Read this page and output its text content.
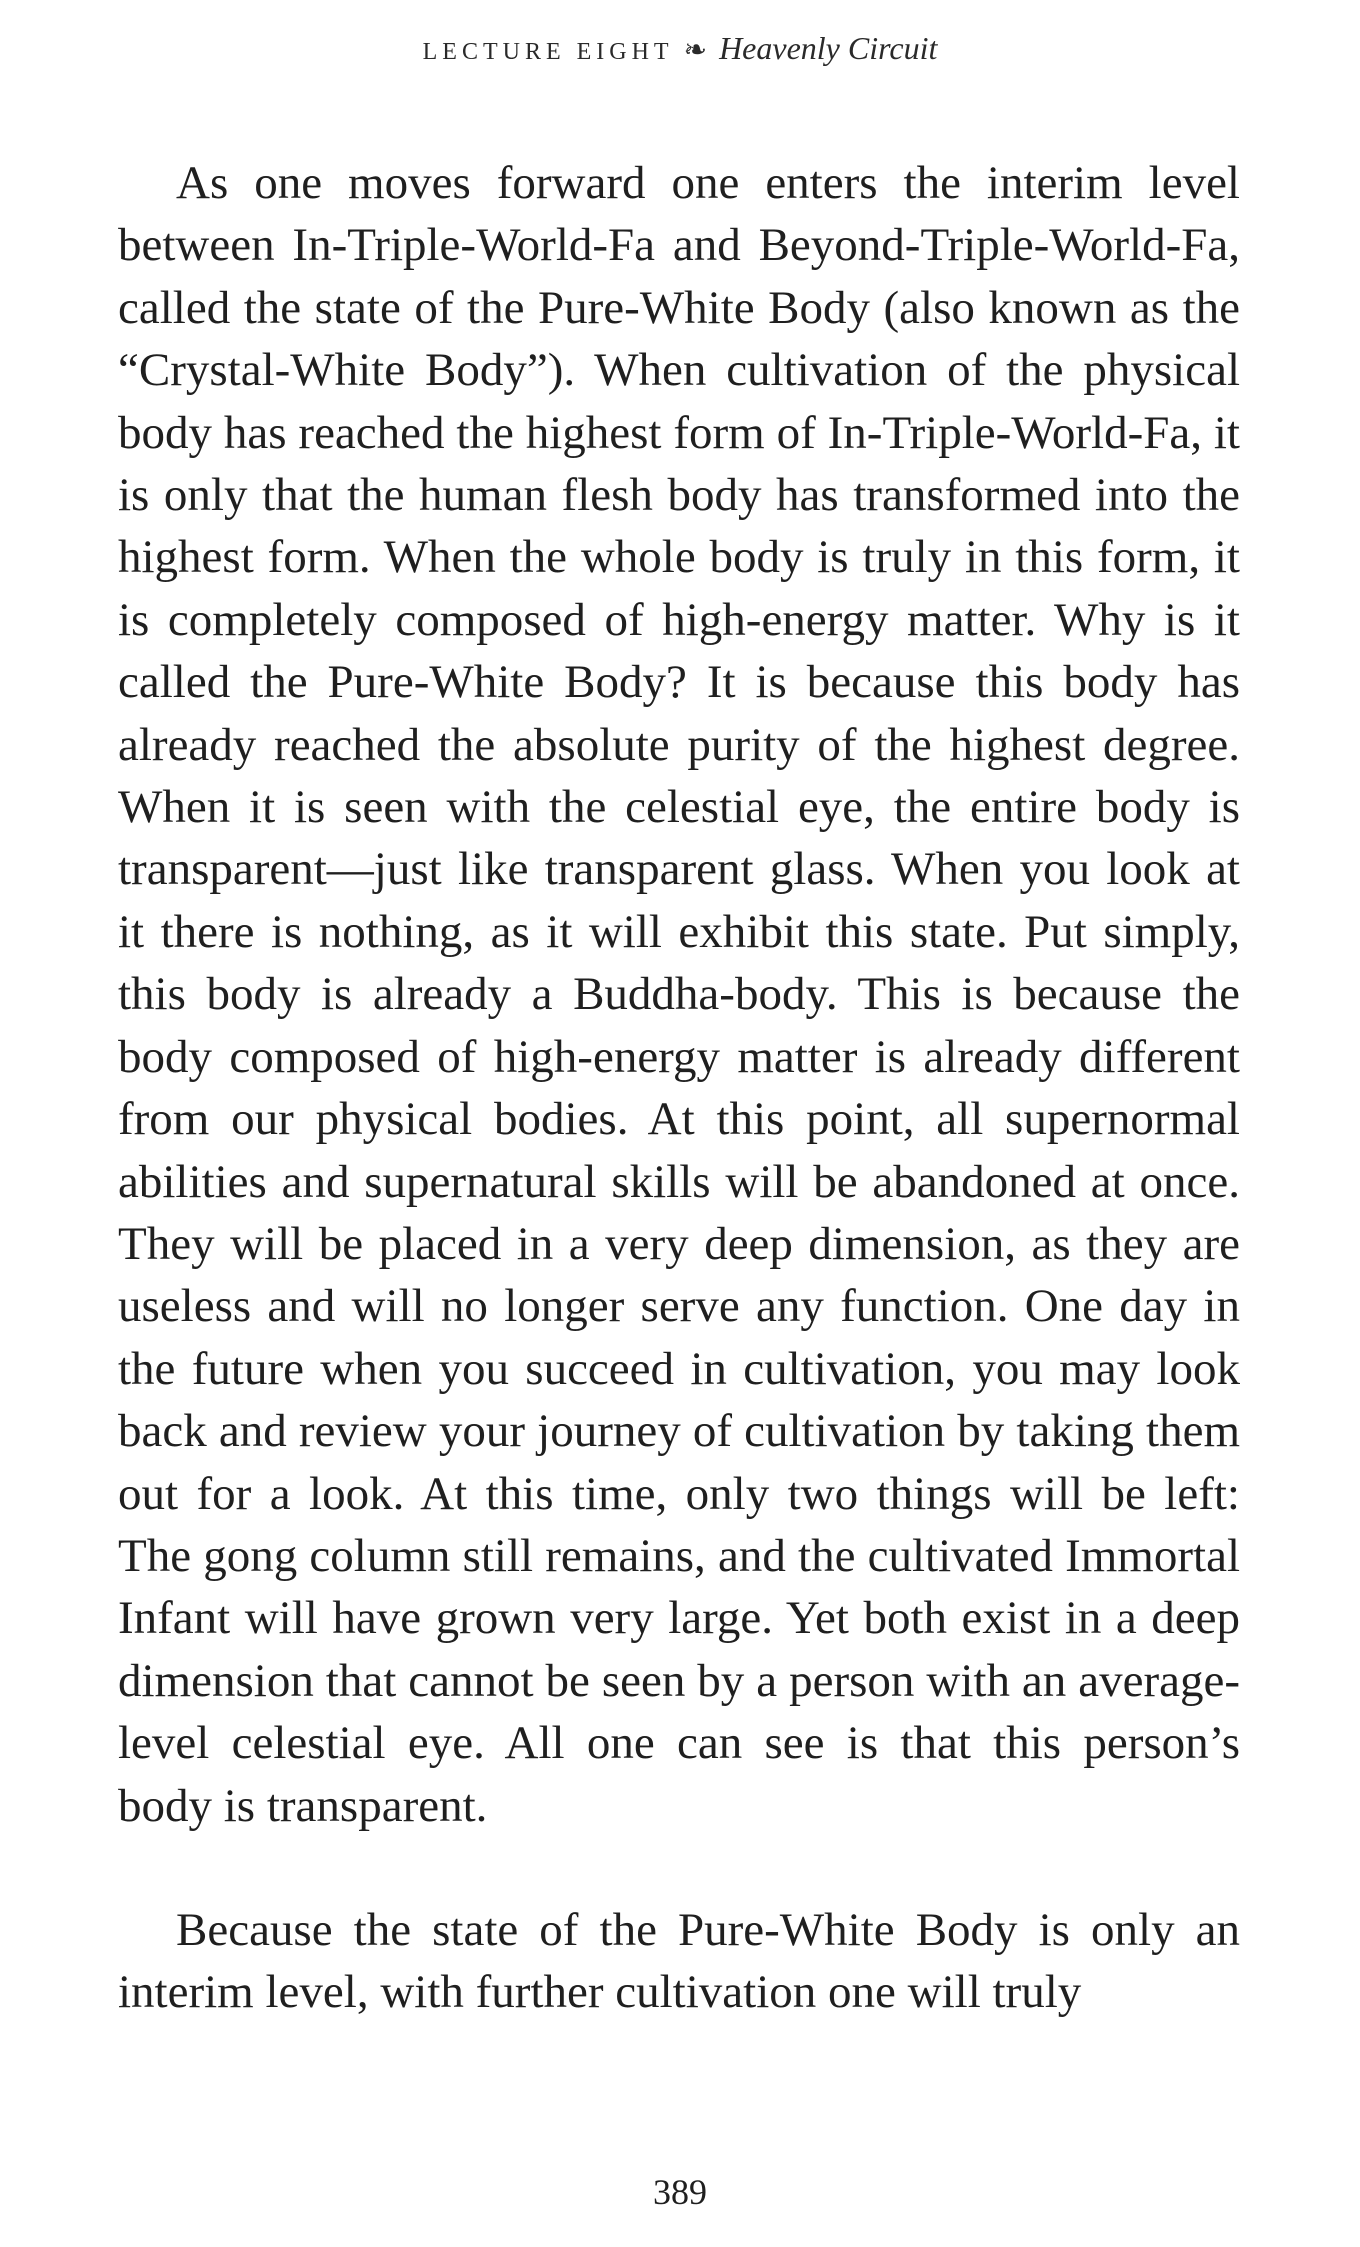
LECTURE EIGHT ❧ Heavenly Circuit

As one moves forward one enters the interim level between In-Triple-World-Fa and Beyond-Triple-World-Fa, called the state of the Pure-White Body (also known as the “Crystal-White Body”). When cultivation of the physical body has reached the highest form of In-Triple-World-Fa, it is only that the human flesh body has transformed into the highest form. When the whole body is truly in this form, it is completely composed of high-energy matter. Why is it called the Pure-White Body? It is because this body has already reached the absolute purity of the highest degree. When it is seen with the celestial eye, the entire body is transparent—just like transparent glass. When you look at it there is nothing, as it will exhibit this state. Put simply, this body is already a Buddha-body. This is because the body composed of high-energy matter is already different from our physical bodies. At this point, all supernormal abilities and supernatural skills will be abandoned at once. They will be placed in a very deep dimension, as they are useless and will no longer serve any function. One day in the future when you succeed in cultivation, you may look back and review your journey of cultivation by taking them out for a look. At this time, only two things will be left: The gong column still remains, and the cultivated Immortal Infant will have grown very large. Yet both exist in a deep dimension that cannot be seen by a person with an average-level celestial eye. All one can see is that this person’s body is transparent.

Because the state of the Pure-White Body is only an interim level, with further cultivation one will truly

389
